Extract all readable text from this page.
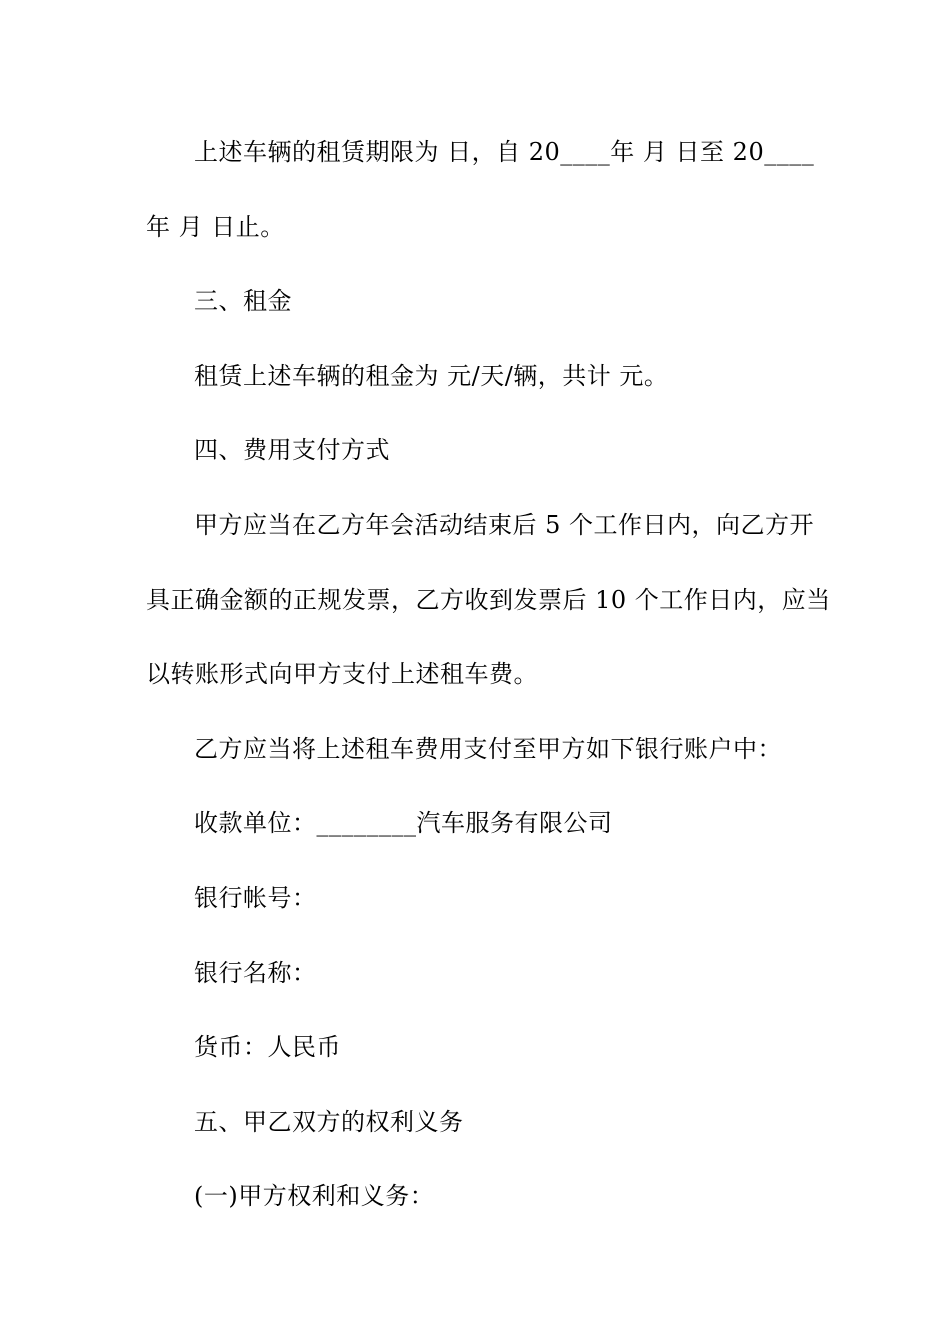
上述车辆的租赁期限为 日，自 20____年 月 日至 20____
年 月 日止。
三、租金
租赁上述车辆的租金为 元/天/辆，共计 元。
四、费用支付方式
甲方应当在乙方年会活动结束后 5 个工作日内，向乙方开
具正确金额的正规发票，乙方收到发票后 10 个工作日内，应当
以转账形式向甲方支付上述租车费。
乙方应当将上述租车费用支付至甲方如下银行账户中：
收款单位：________汽车服务有限公司
银行帐号：
银行名称：
货币：人民币
五、甲乙双方的权利义务
(一)甲方权利和义务：
